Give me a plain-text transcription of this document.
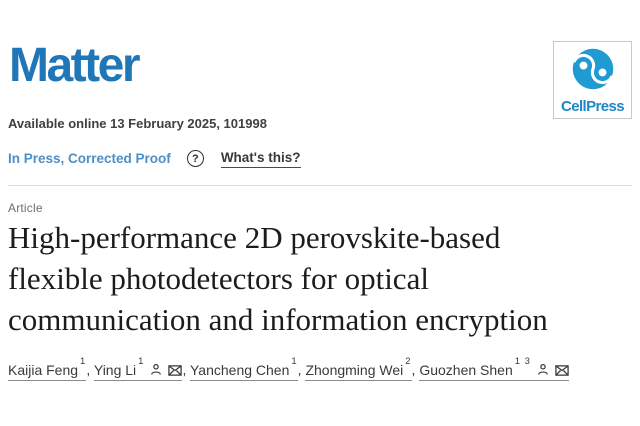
Matter
CellPress
Available online 13 February 2025, 101998
In Press, Corrected Proof	?	What's this?
Article
High-performance 2D perovskite-based
flexible photodetectors for optical
communication and information encryption
Kaijia Feng$^1$, Ying Li$^1$, Yancheng Chen$^1$, Zhongming Wei$^2$, Guozhen Shen$^{1 3}$
